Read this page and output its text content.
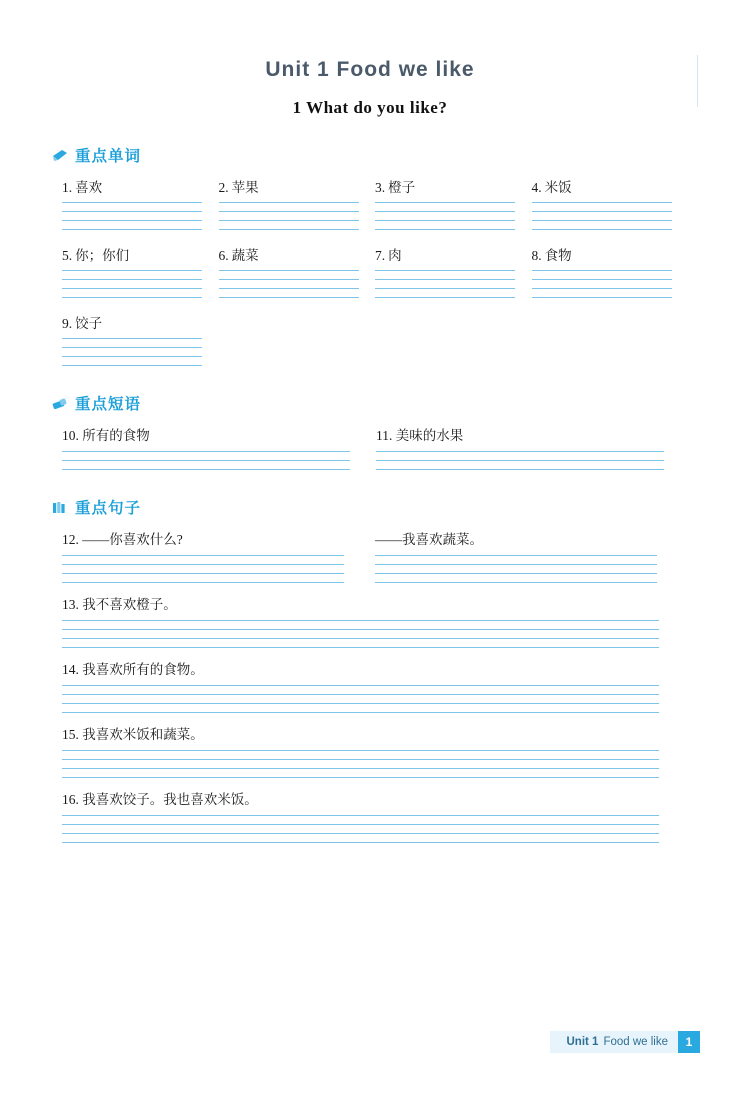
Unit 1 Food we like
1 What do you like?
重点单词
1. 喜欢	2. 苹果	3. 橙子	4. 米饭
5. 你；你们	6. 蔬菜	7. 肉	8. 食物
9. 饺子
重点短语
10. 所有的食物	11. 美味的水果
重点句子
12. ——你喜欢什么?	——我喜欢蔬菜。
13. 我不喜欢橙子。
14. 我喜欢所有的食物。
15. 我喜欢米饭和蔬菜。
16. 我喜欢饺子。我也喜欢米饭。
Unit 1 Food we like	1
